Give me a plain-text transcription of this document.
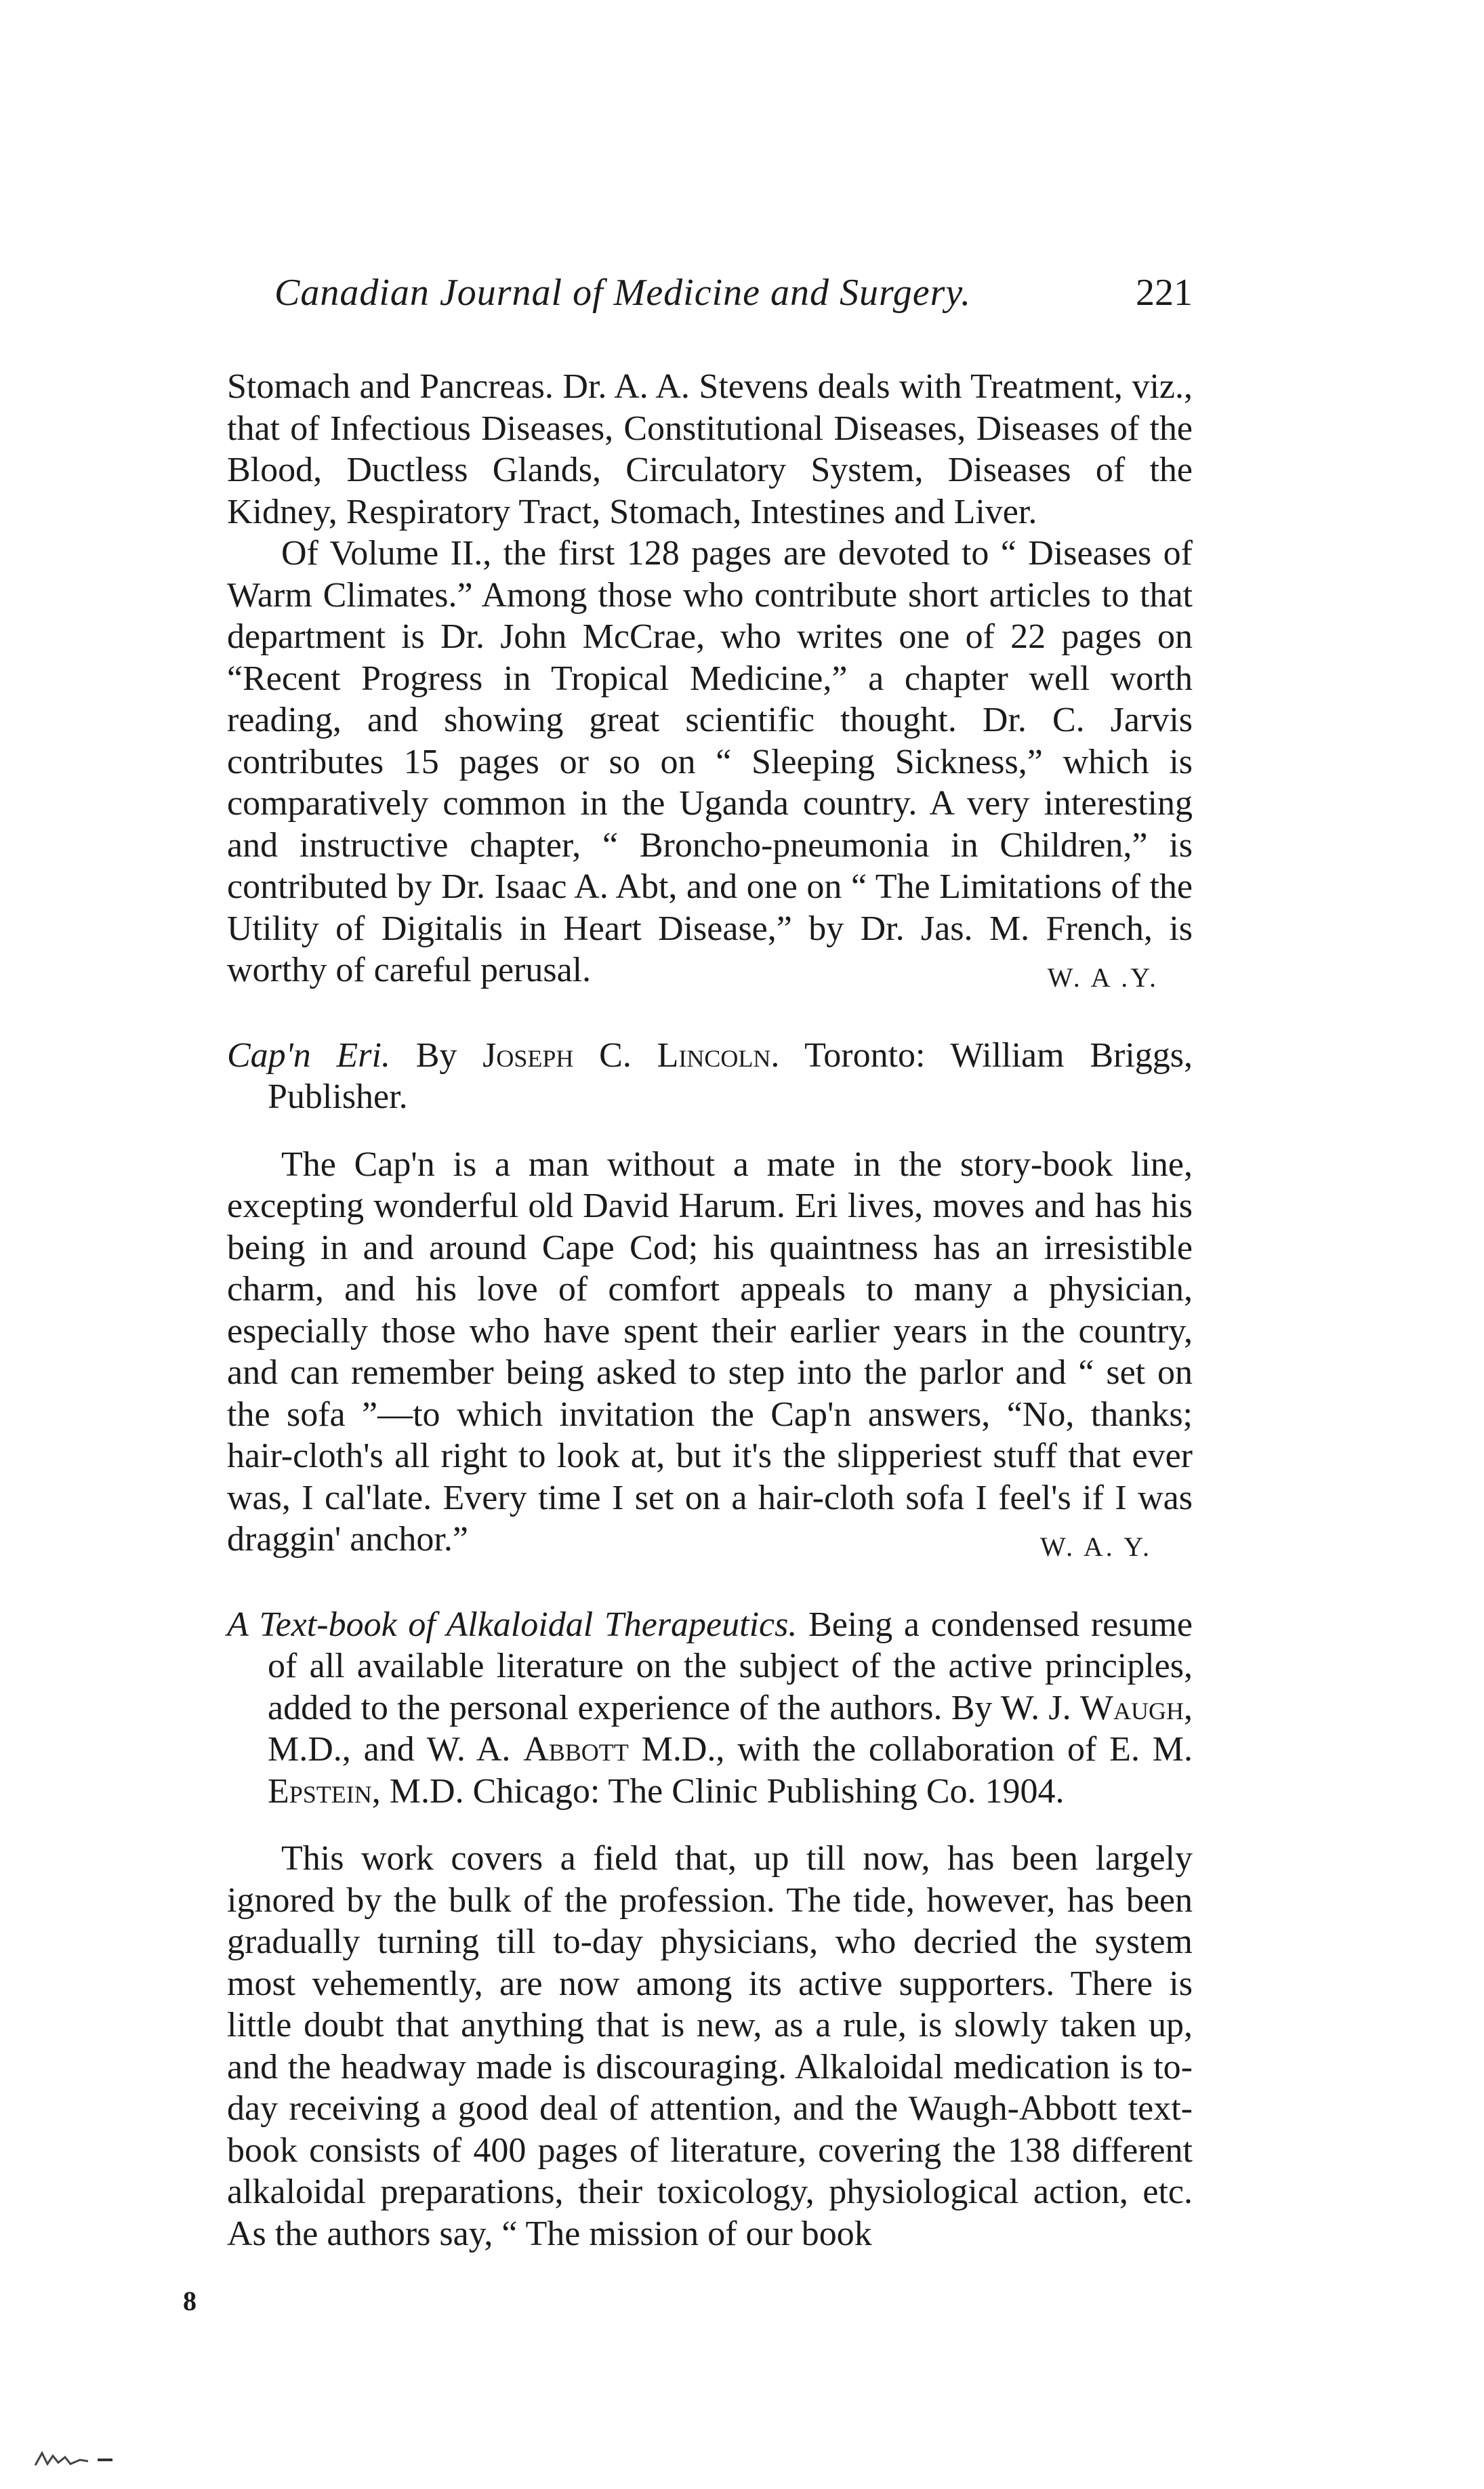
Canadian Journal of Medicine and Surgery.	221

Stomach and Pancreas. Dr. A. A. Stevens deals with Treatment, viz., that of Infectious Diseases, Constitutional Diseases, Diseases of the Blood, Ductless Glands, Circulatory System, Diseases of the Kidney, Respiratory Tract, Stomach, Intestines and Liver.

Of Volume II., the first 128 pages are devoted to “ Diseases of Warm Climates.” Among those who contribute short articles to that department is Dr. John McCrae, who writes one of 22 pages on “Recent Progress in Tropical Medicine,” a chapter well worth reading, and showing great scientific thought. Dr. C. Jarvis contributes 15 pages or so on “ Sleeping Sickness,” which is comparatively common in the Uganda country. A very interesting and instructive chapter, “ Broncho-pneumonia in Children,” is contributed by Dr. Isaac A. Abt, and one on “ The Limitations of the Utility of Digitalis in Heart Disease,” by Dr. Jas. M. French, is worthy of careful perusal.	W. A .Y.

Cap'n Eri. By Joseph C. Lincoln. Toronto: William Briggs, Publisher.

The Cap'n is a man without a mate in the story-book line, excepting wonderful old David Harum. Eri lives, moves and has his being in and around Cape Cod; his quaintness has an irresistible charm, and his love of comfort appeals to many a physician, especially those who have spent their earlier years in the country, and can remember being asked to step into the parlor and “ set on the sofa ”—to which invitation the Cap'n answers, “No, thanks; hair-cloth's all right to look at, but it's the slipperiest stuff that ever was, I cal'late. Every time I set on a hair-cloth sofa I feel's if I was draggin' anchor.”	W. A. Y.

A Text-book of Alkaloidal Therapeutics. Being a condensed resume of all available literature on the subject of the active principles, added to the personal experience of the authors. By W. J. Waugh, M.D., and W. A. Abbott M.D., with the collaboration of E. M. Epstein, M.D. Chicago: The Clinic Publishing Co. 1904.

This work covers a field that, up till now, has been largely ignored by the bulk of the profession. The tide, however, has been gradually turning till to-day physicians, who decried the system most vehemently, are now among its active supporters. There is little doubt that anything that is new, as a rule, is slowly taken up, and the headway made is discouraging. Alkaloidal medication is to-day receiving a good deal of attention, and the Waugh-Abbott text-book consists of 400 pages of literature, covering the 138 different alkaloidal preparations, their toxicology, physiological action, etc. As the authors say, “ The mission of our book

8
